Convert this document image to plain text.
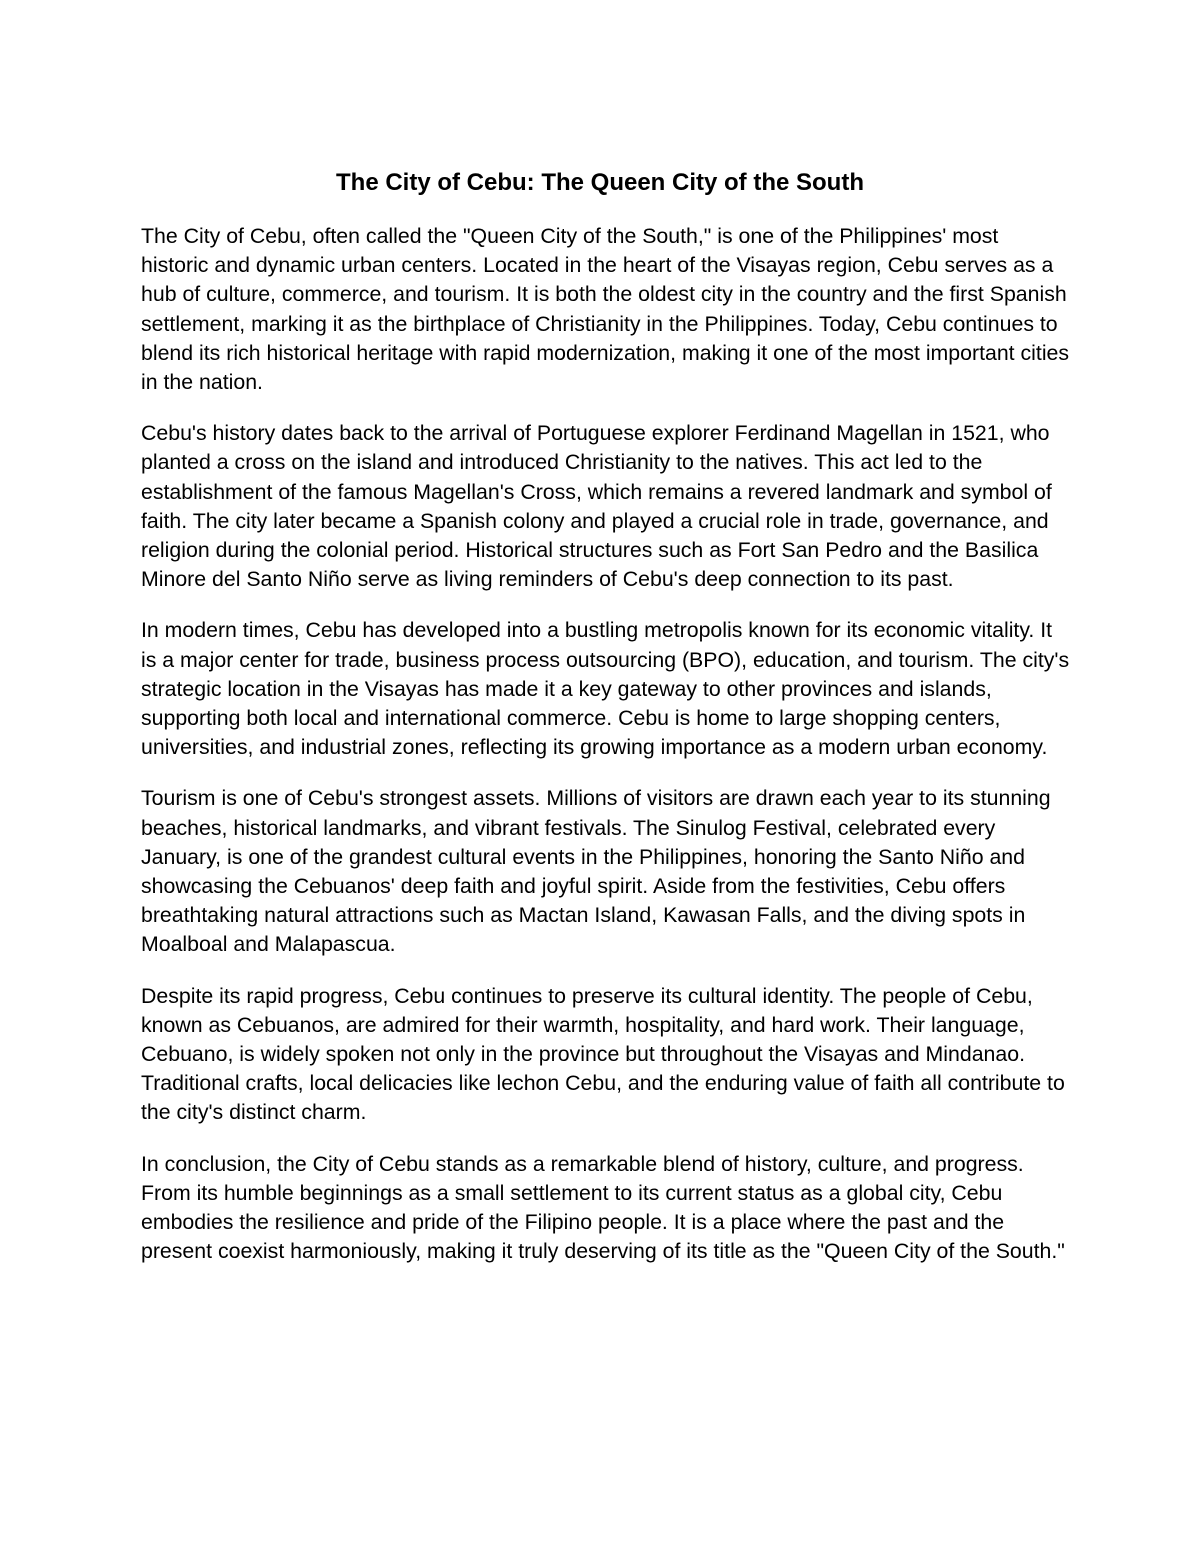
The City of Cebu: The Queen City of the South

The City of Cebu, often called the "Queen City of the South," is one of the Philippines' most historic and dynamic urban centers. Located in the heart of the Visayas region, Cebu serves as a hub of culture, commerce, and tourism. It is both the oldest city in the country and the first Spanish settlement, marking it as the birthplace of Christianity in the Philippines. Today, Cebu continues to blend its rich historical heritage with rapid modernization, making it one of the most important cities in the nation.

Cebu's history dates back to the arrival of Portuguese explorer Ferdinand Magellan in 1521, who planted a cross on the island and introduced Christianity to the natives. This act led to the establishment of the famous Magellan's Cross, which remains a revered landmark and symbol of faith. The city later became a Spanish colony and played a crucial role in trade, governance, and religion during the colonial period. Historical structures such as Fort San Pedro and the Basilica Minore del Santo Niño serve as living reminders of Cebu's deep connection to its past.

In modern times, Cebu has developed into a bustling metropolis known for its economic vitality. It is a major center for trade, business process outsourcing (BPO), education, and tourism. The city's strategic location in the Visayas has made it a key gateway to other provinces and islands, supporting both local and international commerce. Cebu is home to large shopping centers, universities, and industrial zones, reflecting its growing importance as a modern urban economy.

Tourism is one of Cebu's strongest assets. Millions of visitors are drawn each year to its stunning beaches, historical landmarks, and vibrant festivals. The Sinulog Festival, celebrated every January, is one of the grandest cultural events in the Philippines, honoring the Santo Niño and showcasing the Cebuanos' deep faith and joyful spirit. Aside from the festivities, Cebu offers breathtaking natural attractions such as Mactan Island, Kawasan Falls, and the diving spots in Moalboal and Malapascua.

Despite its rapid progress, Cebu continues to preserve its cultural identity. The people of Cebu, known as Cebuanos, are admired for their warmth, hospitality, and hard work. Their language, Cebuano, is widely spoken not only in the province but throughout the Visayas and Mindanao. Traditional crafts, local delicacies like lechon Cebu, and the enduring value of faith all contribute to the city's distinct charm.

In conclusion, the City of Cebu stands as a remarkable blend of history, culture, and progress. From its humble beginnings as a small settlement to its current status as a global city, Cebu embodies the resilience and pride of the Filipino people. It is a place where the past and the present coexist harmoniously, making it truly deserving of its title as the "Queen City of the South."
